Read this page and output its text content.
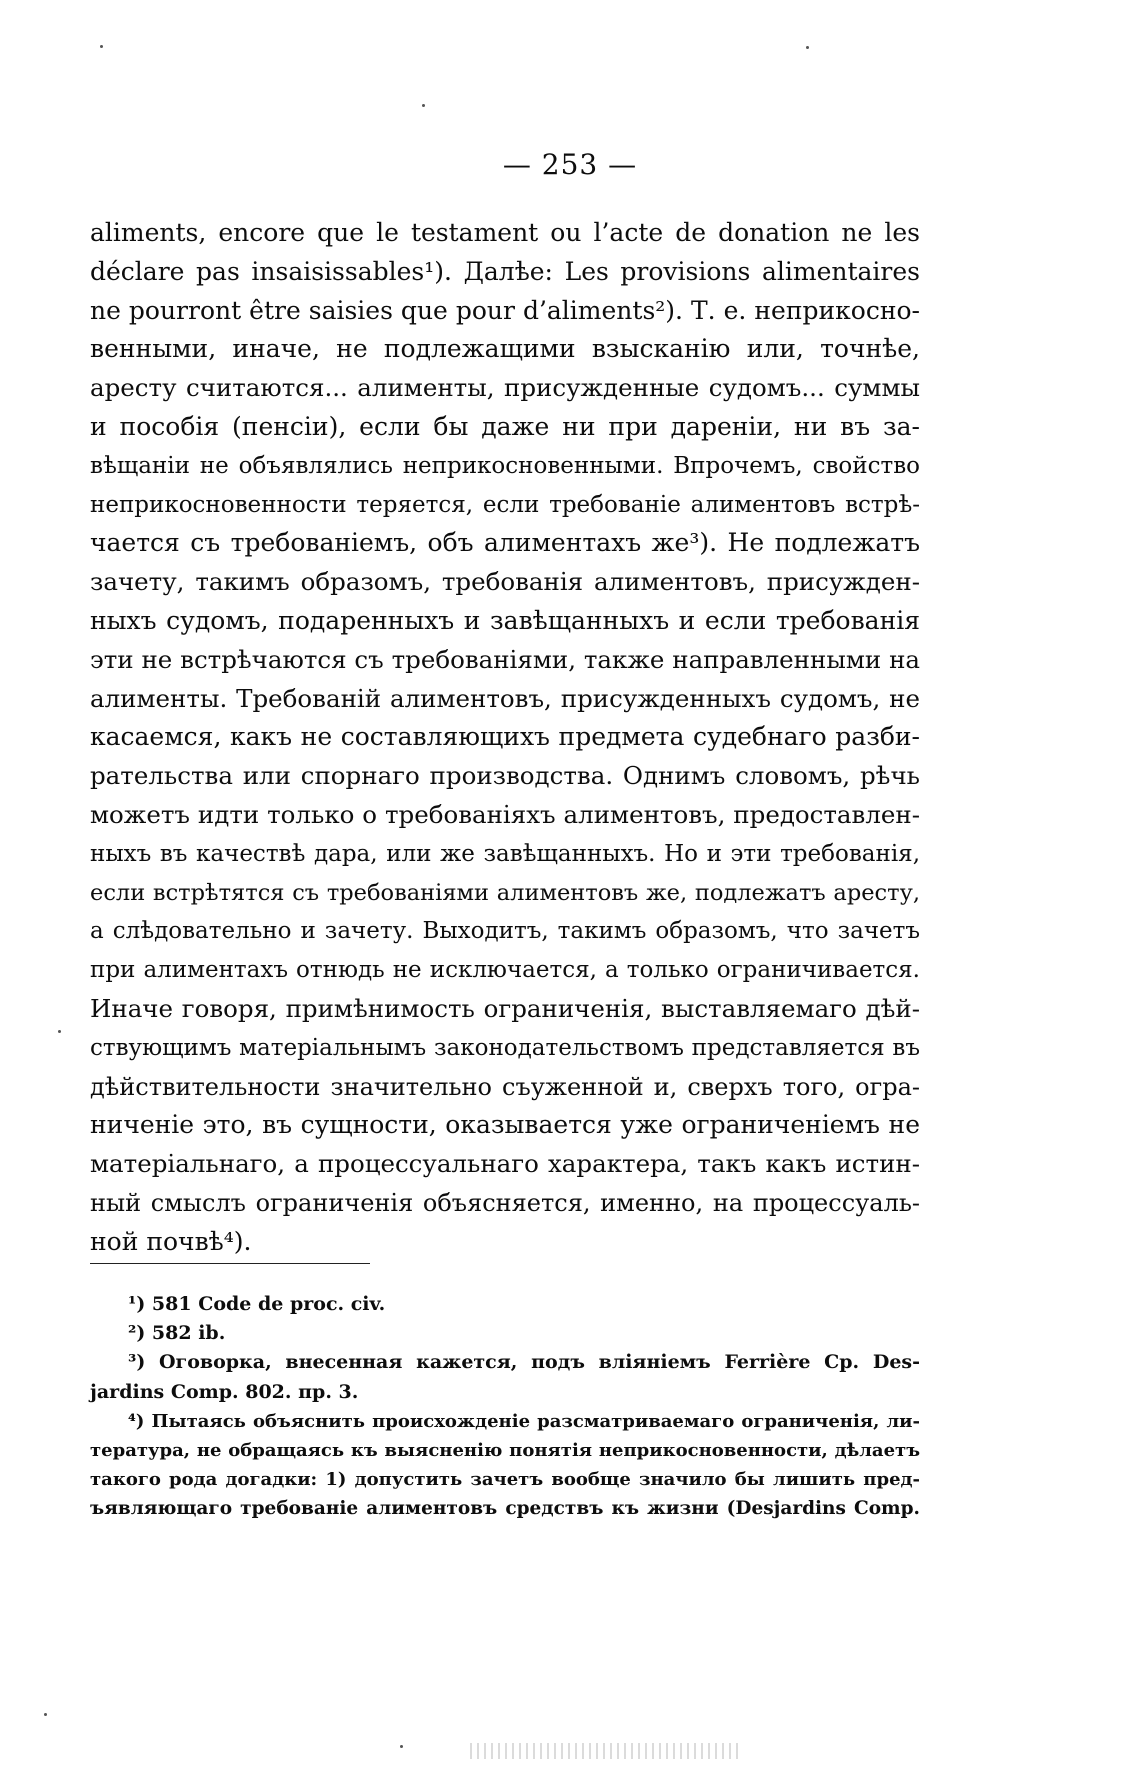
— 253 —
aliments, encore que le testament ou l’acte de donation ne les
déclare pas insaisissables¹). Далѣе: Les provisions alimentaires
ne pourront être saisies que pour d’aliments²). Т. е. неприкосно-
венными, иначе, не подлежащими взысканію или, точнѣе,
аресту считаются... алименты, присужденные судомъ... суммы
и пособія (пенсіи), если бы даже ни при дареніи, ни въ за-
вѣщаніи не объявлялись неприкосновенными. Впрочемъ, свойство
неприкосновенности теряется, если требованіе алиментовъ встрѣ-
чается съ требованіемъ, объ алиментахъ же³). Не подлежатъ
зачету, такимъ образомъ, требованія алиментовъ, присужден-
ныхъ судомъ, подаренныхъ и завѣщанныхъ и если требованія
эти не встрѣчаются съ требованіями, также направленными на
алименты. Требованій алиментовъ, присужденныхъ судомъ, не
касаемся, какъ не составляющихъ предмета судебнаго разби-
рательства или спорнаго производства. Однимъ словомъ, рѣчь
можетъ идти только о требованіяхъ алиментовъ, предоставлен-
ныхъ въ качествѣ дара, или же завѣщанныхъ. Но и эти требованія,
если встрѣтятся съ требованіями алиментовъ же, подлежатъ аресту,
а слѣдовательно и зачету. Выходитъ, такимъ образомъ, что зачетъ
при алиментахъ отнюдь не исключается, а только ограничивается.
Иначе говоря, примѣнимость ограниченія, выставляемаго дѣй-
ствующимъ матеріальнымъ законодательствомъ представляется въ
дѣйствительности значительно съуженной и, сверхъ того, огра-
ниченіе это, въ сущности, оказывается уже ограниченіемъ не
матеріальнаго, а процессуальнаго характера, такъ какъ истин-
ный смыслъ ограниченія объясняется, именно, на процессуаль-
ной почвѣ⁴).
¹) 581 Code de proc. civ.
²) 582 ib.
³) Оговорка, внесенная кажется, подъ вліяніемъ Ferrière Cp. Des-
jardins Comp. 802. пр. 3.
⁴) Пытаясь объяснить происхожденіе разсматриваемаго ограниченія, ли-
тература, не обращаясь къ выясненію понятія неприкосновенности, дѣлаетъ
такого рода догадки: 1) допустить зачетъ вообще значило бы лишить пред-
ъявляющаго требованіе алиментовъ средствъ къ жизни (Desjardins Comp.
